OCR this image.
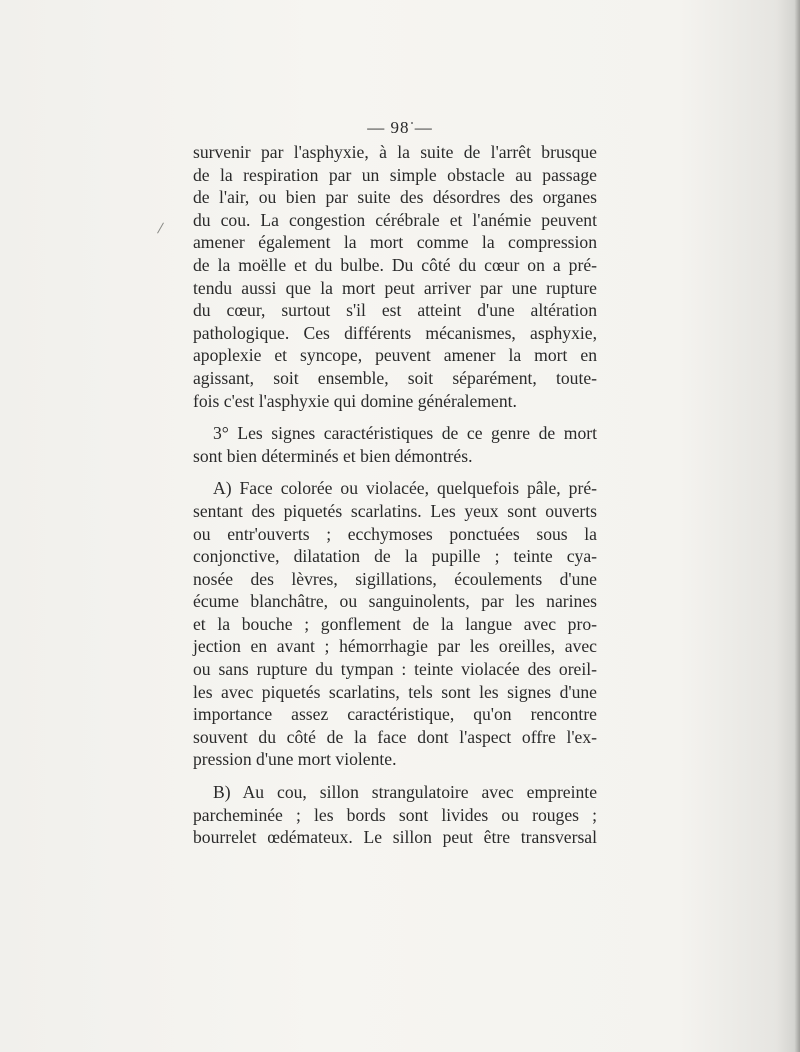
— 98 —
survenir par l'asphyxie, à la suite de l'arrêt brusque
de la respiration par un simple obstacle au passage
de l'air, ou bien par suite des désordres des organes
du cou. La congestion cérébrale et l'anémie peuvent
amener également la mort comme la compression
de la moëlle et du bulbe. Du côté du cœur on a pré-
tendu aussi que la mort peut arriver par une rupture
du cœur, surtout s'il est atteint d'une altération
pathologique. Ces différents mécanismes, asphyxie,
apoplexie et syncope, peuvent amener la mort en
agissant, soit ensemble, soit séparément, toute-
fois c'est l'asphyxie qui domine généralement.
3° Les signes caractéristiques de ce genre de mort
sont bien déterminés et bien démontrés.
A) Face colorée ou violacée, quelquefois pâle, pré-
sentant des piquetés scarlatins. Les yeux sont ouverts
ou entr'ouverts ; ecchymoses ponctuées sous la
conjonctive, dilatation de la pupille ; teinte cya-
nosée des lèvres, sigillations, écoulements d'une
écume blanchâtre, ou sanguinolents, par les narines
et la bouche ; gonflement de la langue avec pro-
jection en avant ; hémorrhagie par les oreilles, avec
ou sans rupture du tympan : teinte violacée des oreil-
les avec piquetés scarlatins, tels sont les signes d'une
importance assez caractéristique, qu'on rencontre
souvent du côté de la face dont l'aspect offre l'ex-
pression d'une mort violente.
B) Au cou, sillon strangulatoire avec empreinte
parcheminée ; les bords sont livides ou rouges ;
bourrelet œdémateux. Le sillon peut être transversal
